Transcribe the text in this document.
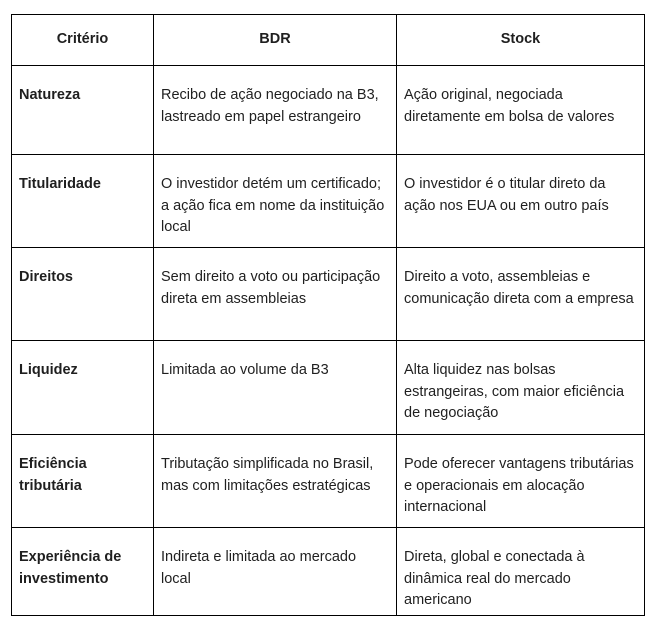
Critério	BDR	Stock
Natureza	Recibo de ação negociado na B3, lastreado em papel estrangeiro	Ação original, negociada diretamente em bolsa de valores
Titularidade	O investidor detém um certificado; a ação fica em nome da instituição local	O investidor é o titular direto da ação nos EUA ou em outro país
Direitos	Sem direito a voto ou participação direta em assembleias	Direito a voto, assembleias e comunicação direta com a empresa
Liquidez	Limitada ao volume da B3	Alta liquidez nas bolsas estrangeiras, com maior eficiência de negociação
Eficiência tributária	Tributação simplificada no Brasil, mas com limitações estratégicas	Pode oferecer vantagens tributárias e operacionais em alocação internacional
Experiência de investimento	Indireta e limitada ao mercado local	Direta, global e conectada à dinâmica real do mercado americano
